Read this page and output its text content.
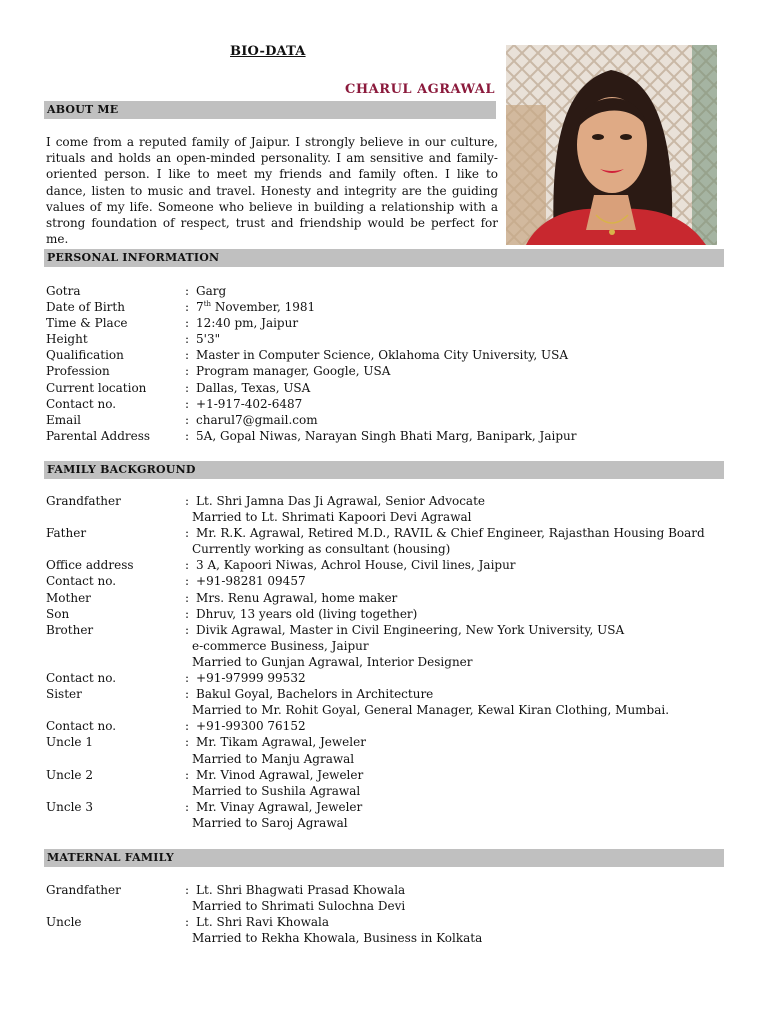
BIO-DATA
CHARUL AGRAWAL
ABOUT ME
I come from a reputed family of Jaipur. I strongly believe in our culture, rituals and holds an open-minded personality. I am sensitive and family-oriented person. I like to meet my friends and family often. I like to dance, listen to music and travel. Honesty and integrity are the guiding values of my life. Someone who believe in building a relationship with a strong foundation of respect, trust and friendship would be perfect for me.
PERSONAL INFORMATION
Gotra	: Garg
Date of Birth	: 7th November, 1981
Time & Place	: 12:40 pm, Jaipur
Height	: 5'3"
Qualification	: Master in Computer Science, Oklahoma City University, USA
Profession	: Program manager, Google, USA
Current location	: Dallas, Texas, USA
Contact no.	: +1-917-402-6487
Email	: charul7@gmail.com
Parental Address	: 5A, Gopal Niwas, Narayan Singh Bhati Marg, Banipark, Jaipur
FAMILY BACKGROUND
Grandfather	: Lt. Shri Jamna Das Ji Agrawal, Senior Advocate
Married to Lt. Shrimati Kapoori Devi Agrawal
Father	: Mr. R.K. Agrawal, Retired M.D., RAVIL & Chief Engineer, Rajasthan Housing Board
Currently working as consultant (housing)
Office address	: 3 A, Kapoori Niwas, Achrol House, Civil lines, Jaipur
Contact no.	: +91-98281 09457
Mother	: Mrs. Renu Agrawal, home maker
Son	: Dhruv, 13 years old (living together)
Brother	: Divik Agrawal, Master in Civil Engineering, New York University, USA
e-commerce Business, Jaipur
Married to Gunjan Agrawal, Interior Designer
Contact no.	: +91-97999 99532
Sister	: Bakul Goyal, Bachelors in Architecture
Married to Mr. Rohit Goyal, General Manager, Kewal Kiran Clothing, Mumbai.
Contact no.	: +91-99300 76152
Uncle 1	: Mr. Tikam Agrawal, Jeweler
Married to Manju Agrawal
Uncle 2	: Mr. Vinod Agrawal, Jeweler
Married to Sushila Agrawal
Uncle 3	: Mr. Vinay Agrawal, Jeweler
Married to Saroj Agrawal
MATERNAL FAMILY
Grandfather	: Lt. Shri Bhagwati Prasad Khowala
Married to Shrimati Sulochna Devi
Uncle	: Lt. Shri Ravi Khowala
Married to Rekha Khowala, Business in Kolkata
